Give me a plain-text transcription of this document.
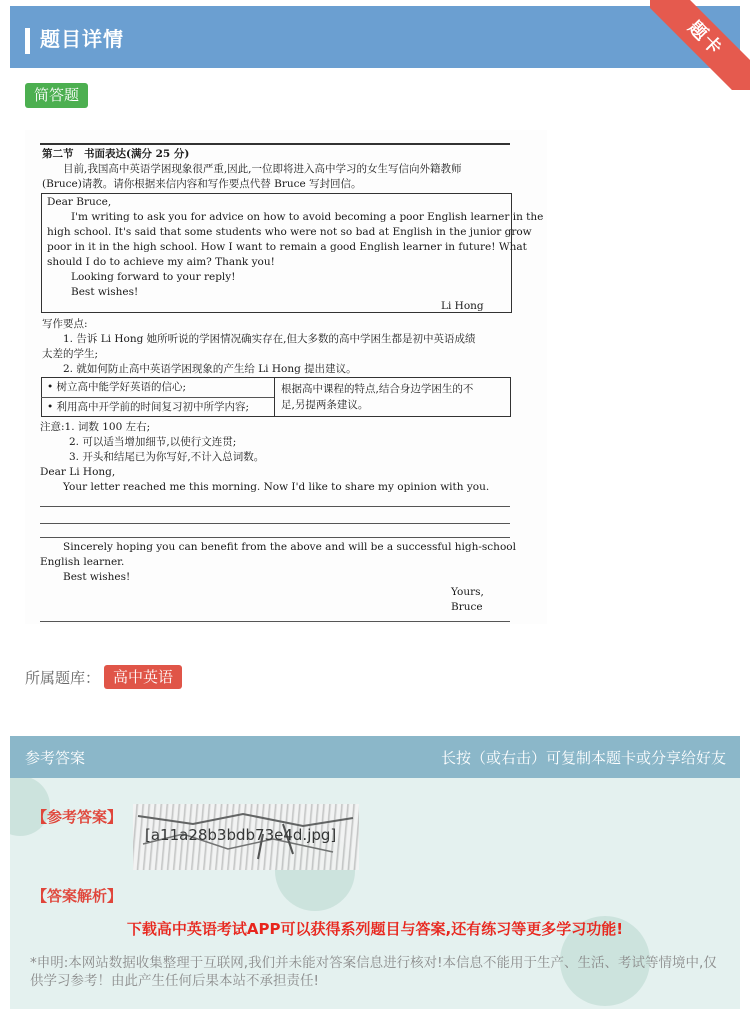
题目详情	题卡
简答题
第二节　书面表达(满分 25 分)
目前,我国高中英语学困现象很严重,因此,一位即将进入高中学习的女生写信向外籍教师
(Bruce)请教。请你根据来信内容和写作要点代替 Bruce 写封回信。
Dear Bruce,
I'm writing to ask you for advice on how to avoid becoming a poor English learner in the
high school. It's said that some students who were not so bad at English in the junior grow
poor in it in the high school. How I want to remain a good English learner in future! What
should I do to achieve my aim? Thank you!
Looking forward to your reply!
Best wishes!
Li Hong
写作要点:
1. 告诉 Li Hong 她所听说的学困情况确实存在,但大多数的高中学困生都是初中英语成绩
太差的学生;
2. 就如何防止高中英语学困现象的产生给 Li Hong 提出建议。
• 树立高中能学好英语的信心;
• 利用高中开学前的时间复习初中所学内容;
根据高中课程的特点,结合身边学困生的不
足,另提两条建议。
注意:1. 词数 100 左右;
2. 可以适当增加细节,以使行文连贯;
3. 开头和结尾已为你写好,不计入总词数。
Dear Li Hong,
Your letter reached me this morning. Now I'd like to share my opinion with you.
Sincerely hoping you can benefit from the above and will be a successful high-school
English learner.
Best wishes!
Yours,
Bruce
所属题库： 高中英语
参考答案	长按（或右击）可复制本题卡或分享给好友
【参考答案】
[a11a28b3bdb73e4d.jpg]
【答案解析】
下载高中英语考试APP可以获得系列题目与答案,还有练习等更多学习功能!
*申明:本网站数据收集整理于互联网,我们并未能对答案信息进行核对!本信息不能用于生产、生活、考试等情境中,仅供学习参考！由此产生任何后果本站不承担责任!
